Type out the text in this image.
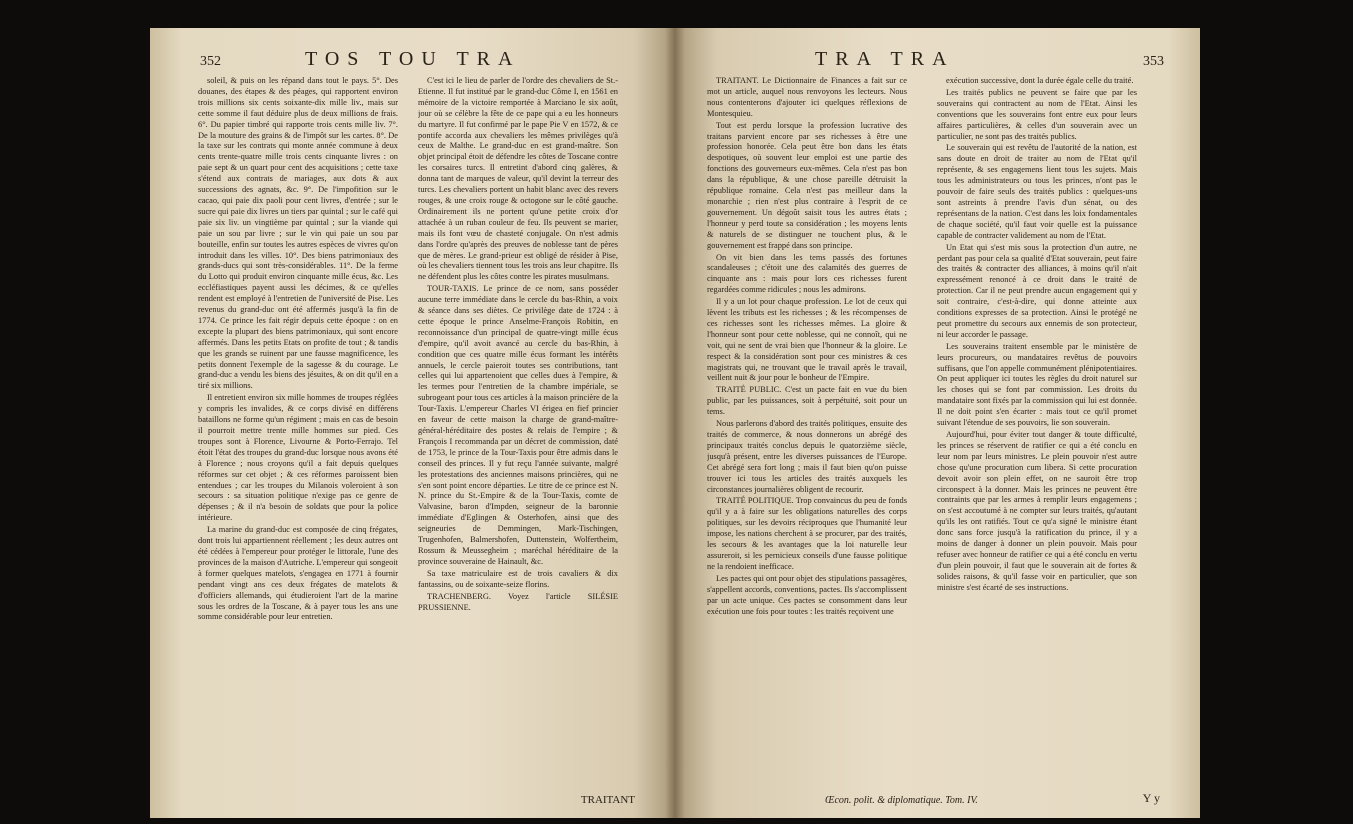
352	TOS TOU TRA

soleil, & puis on les répand dans tout le pays. 5°. Des douanes, des étapes & des péages, qui rapportent environ trois millions six cents soixante-dix mille liv., mais sur cette somme il faut déduire plus de deux millions de frais. 6°. Du papier timbré qui rapporte trois cents mille liv. 7°. De la mouture des grains & de l'impôt sur les cartes. 8°. De la taxe sur les contrats qui monte année commune à deux cents trente-quatre mille trois cents cinquante livres : on paie sept & un quart pour cent des acquisitions ; cette taxe s'étend aux contrats de mariages, aux dots & aux successions des agnats, &c. 9°. De l'impofition sur le cacao, qui paie dix paoli pour cent livres, d'entrée ; sur le sucre qui paie dix livres un tiers par quintal ; sur le café qui paie six liv. un vingtième par quintal ; sur la viande qui paie un sou par livre ; sur le vin qui paie un sou par bouteille, enfin sur toutes les autres espèces de vivres qu'on introduit dans les villes. 10°. Des biens patrimoniaux des grands-ducs qui sont très-considérables. 11°. De la ferme du Lotto qui produit environ cinquante mille écus, &c. Les eccléfiastiques payent aussi les décimes, & ce qu'elles rendent est employé à l'entretien de l'université de Pise. Les revenus du grand-duc ont été affermés jusqu'à la fin de 1774. Ce prince les fait régir depuis cette époque : on en excepte la plupart des biens patrimoniaux, qui sont encore affermés. Dans les petits Etats on profite de tout ; & tandis que les grands se ruinent par une fausse magnificence, les petits donnent l'exemple de la sagesse & du courage. Le grand-duc a vendu les biens des jésuites, & on dit qu'il en a tiré six millions.

Il entretient environ six mille hommes de troupes réglées y compris les invalides, & ce corps divisé en différens bataillons ne forme qu'un régiment ; mais en cas de besoin il pourroit mettre trente mille hommes sur pied. Ces troupes sont à Florence, Livourne & Porto-Ferrajo. Tel étoit l'état des troupes du grand-duc lorsque nous avons été à Florence ; nous croyons qu'il a fait depuis quelques réformes sur cet objet ; & ces réformes paroissent bien entendues ; car les troupes du Milanois voleroient à son secours : sa situation politique n'exige pas ce genre de dépenses ; & il n'a besoin de soldats que pour la police intérieure.

La marine du grand-duc est composée de cinq frégates, dont trois lui appartiennent réellement ; les deux autres ont été cédées à l'empereur pour protéger le littorale, l'une des provinces de la maison d'Autriche. L'empereur qui songeoit à former quelques matelots, s'engagea en 1771 à fournir pendant vingt ans ces deux frégates de matelots & d'officiers allemands, qui étudieroient l'art de la marine sous les ordres de la Toscane, & à payer tous les ans une somme considérable pour leur entretien.

C'est ici le lieu de parler de l'ordre des chevaliers de St.-Etienne. Il fut institué par le grand-duc Côme I, en 1561 en mémoire de la victoire remportée à Marciano le six août, jour où se célèbre la fête de ce pape qui a eu les honneurs du martyre. Il fut confirmé par le pape Pie V en 1572, & ce pontife accorda aux chevaliers les mêmes privilèges qu'à ceux de Malthe. Le grand-duc en est grand-maître. Son objet principal étoit de défendre les côtes de Toscane contre les corsaires turcs. Il entretint d'abord cinq galères, & donna tant de marques de valeur, qu'il devint la terreur des turcs. Les chevaliers portent un habit blanc avec des revers rouges, & une croix rouge & octogone sur le côté gauche. Ordinairement ils ne portent qu'une petite croix d'or attachée à un ruban couleur de feu. Ils peuvent se marier, mais ils font vœu de chasteté conjugale. On n'est admis dans l'ordre qu'après des preuves de noblesse tant de pères que de mères. Le grand-prieur est obligé de résider à Pise, où les chevaliers tiennent tous les trois ans leur chapitre. Ils ne défendent plus les côtes contre les pirates musulmans.

TOUR-TAXIS. Le prince de ce nom, sans posséder aucune terre immédiate dans le cercle du bas-Rhin, a voix & séance dans ses diètes. Ce privilège date de 1724 : à cette époque le prince Anselme-François Robitin, en reconnoissance d'un principal de quatre-vingt mille écus d'empire, qu'il avoit avancé au cercle du bas-Rhin, à condition que ces quatre mille écus formant les intérêts annuels, le cercle paieroit toutes ses contributions, tant celles qui lui appartenoient que celles dues à l'empire, & les termes pour l'entretien de la chambre impériale, se subrogeant pour tous ces articles à la maison princière de la Tour-Taxis. L'empereur Charles VI érigea en fief princier en faveur de cette maison la charge de grand-maître-général-héréditaire des postes & relais de l'empire ; & François I recommanda par un décret de commission, daté de 1753, le prince de la Tour-Taxis pour être admis dans le conseil des princes. Il y fut reçu l'année suivante, malgré les protestations des anciennes maisons princières, qui ne s'en sont point encore départies. Le titre de ce prince est N. N. prince du St.-Empire & de la Tour-Taxis, comte de Valvasine, baron d'Impden, seigneur de la baronnie immédiate d'Eglingen & Osterhofen, ainsi que des seigneuries de Demmingen, Mark-Tischingen, Trugenhofen, Balmershofen, Duttenstein, Wolfertheim, Rossum & Meussegheim ; maréchal héréditaire de la province souveraine de Hainault, &c.

Sa taxe matriculaire est de trois cavaliers & dix fantassins, ou de soixante-seize florins.

TRACHENBERG. Voyez l'article SILÉSIE PRUSSIENNE.

TRAITANT
TRA TRA	353

TRAITANT. Le Dictionnaire de Finances a fait sur ce mot un article, auquel nous renvoyons les lecteurs. Nous nous contenterons d'ajouter ici quelques réflexions de Montesquieu.

Tout est perdu lorsque la profession lucrative des traitans parvient encore par ses richesses à être une profession honorée. Cela peut être bon dans les états despotiques, où souvent leur emploi est une partie des fonctions des gouverneurs eux-mêmes. Cela n'est pas bon dans la république, & une chose pareille détruisit la république romaine. Cela n'est pas meilleur dans la monarchie ; rien n'est plus contraire à l'esprit de ce gouvernement. Un dégoût saisit tous les autres états ; l'honneur y perd toute sa considération ; les moyens lents & naturels de se distinguer ne touchent plus, & le gouvernement est frappé dans son principe.

On vit bien dans les tems passés des fortunes scandaleuses ; c'étoit une des calamités des guerres de cinquante ans : mais pour lors ces richesses furent regardées comme ridicules ; nous les admirons.

Il y a un lot pour chaque profession. Le lot de ceux qui lèvent les tributs est les richesses ; & les récompenses de ces richesses sont les richesses mêmes. La gloire & l'honneur sont pour cette noblesse, qui ne connoît, qui ne voit, qui ne sent de vrai bien que l'honneur & la gloire. Le respect & la considération sont pour ces ministres & ces magistrats qui, ne trouvant que le travail après le travail, veillent nuit & jour pour le bonheur de l'Empire.

TRAITÉ PUBLIC. C'est un pacte fait en vue du bien public, par les puissances, soit à perpétuité, soit pour un tems.

Nous parlerons d'abord des traités politiques, ensuite des traités de commerce, & nous donnerons un abrégé des principaux traités conclus depuis le quatorzième siècle, jusqu'à présent, entre les diverses puissances de l'Europe. Cet abrégé sera fort long ; mais il faut bien qu'on puisse trouver ici tous les articles des traités auxquels les circonstances journalières obligent de recourir.

TRAITÉ POLITIQUE. Trop convaincus du peu de fonds qu'il y a à faire sur les obligations naturelles des corps politiques, sur les devoirs réciproques que l'humanité leur impose, les nations cherchent à se procurer, par des traités, les secours & les avantages que la loi naturelle leur assureroit, si les pernicieux conseils d'une fausse politique ne la rendoient inefficace.

Les pactes qui ont pour objet des stipulations passagères, s'appellent accords, conventions, pactes. Ils s'accomplissent par un acte unique. Ces pactes se consomment dans leur exécution une fois pour toutes : les traités reçoivent une

exécution successive, dont la durée égale celle du traité.

Les traités publics ne peuvent se faire que par les souverains qui contractent au nom de l'Etat. Ainsi les conventions que les souverains font entre eux pour leurs affaires particulières, & celles d'un souverain avec un particulier, ne sont pas des traités publics.

Le souverain qui est revêtu de l'autorité de la nation, est sans doute en droit de traiter au nom de l'Etat qu'il représente, & ses engagemens lient tous les sujets. Mais tous les administrateurs ou tous les princes, n'ont pas le pouvoir de faire seuls des traités publics : quelques-uns sont astreints à prendre l'avis d'un sénat, ou des représentans de la nation. C'est dans les loix fondamentales de chaque société, qu'il faut voir quelle est la puissance capable de contracter validement au nom de l'Etat.

Un Etat qui s'est mis sous la protection d'un autre, ne perdant pas pour cela sa qualité d'Etat souverain, peut faire des traités & contracter des alliances, à moins qu'il n'ait expressément renoncé à ce droit dans le traité de protection. Car il ne peut prendre aucun engagement qui y soit contraire, c'est-à-dire, qui donne atteinte aux conditions expresses de sa protection. Ainsi le protégé ne peut promettre du secours aux ennemis de son protecteur, ni leur accorder le passage.

Les souverains traitent ensemble par le ministère de leurs procureurs, ou mandataires revêtus de pouvoirs suffisans, que l'on appelle communément plénipotentiaires. On peut appliquer ici toutes les règles du droit naturel sur les choses qui se font par commission. Les droits du mandataire sont fixés par la commission qui lui est donnée. Il ne doit point s'en écarter : mais tout ce qu'il promet suivant l'étendue de ses pouvoirs, lie son souverain.

Aujourd'hui, pour éviter tout danger & toute difficulté, les princes se réservent de ratifier ce qui a été conclu en leur nom par leurs ministres. Le plein pouvoir n'est autre chose qu'une procuration cum libera. Si cette procuration devoit avoir son plein effet, on ne sauroit être trop circonspect à la donner. Mais les princes ne peuvent être contraints que par les armes à remplir leurs engagemens ; on s'est accoutumé à ne compter sur leurs traités, qu'autant qu'ils les ont ratifiés. Tout ce qu'a signé le ministre étant donc sans force jusqu'à la ratification du prince, il y a moins de danger à donner un plein pouvoir. Mais pour refuser avec honneur de ratifier ce qui a été conclu en vertu d'un plein pouvoir, il faut que le souverain ait de fortes & solides raisons, & qu'il fasse voir en particulier, que son ministre s'est écarté de ses instructions.

Œcon. polit. & diplomatique. Tom. IV.	Y y
